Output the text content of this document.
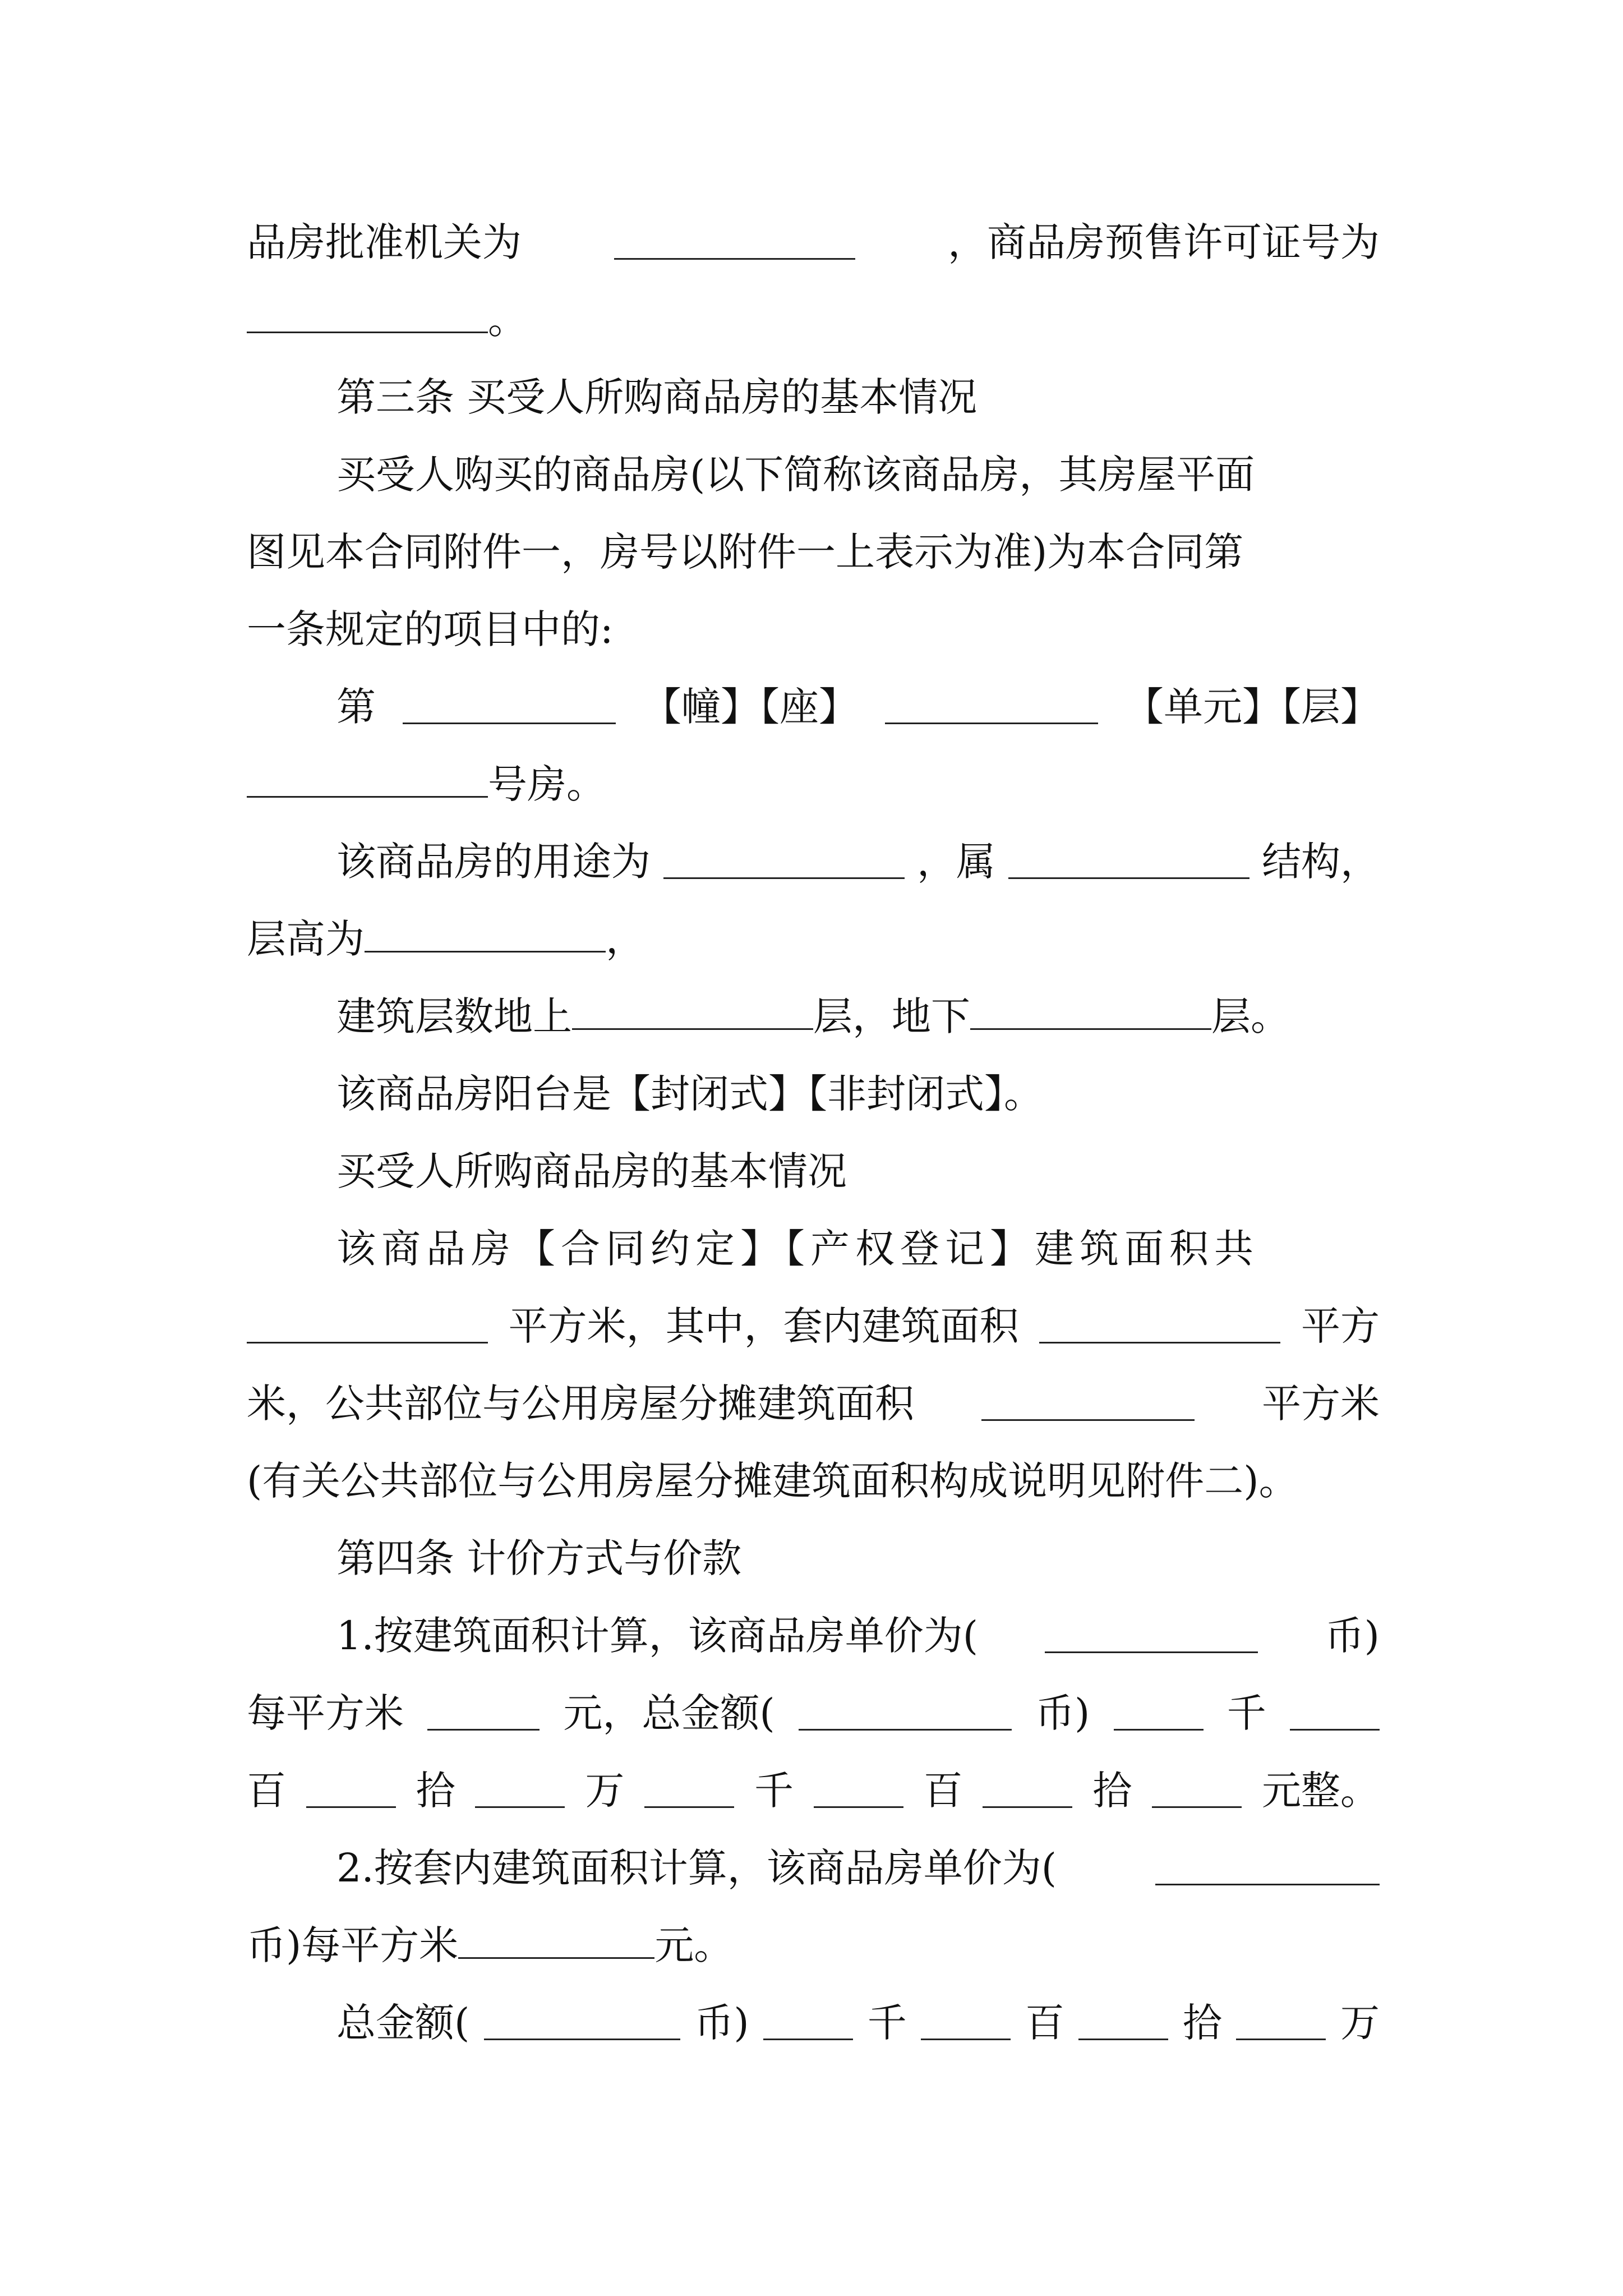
品房批准机关为	，商品房预售许可证号为
。
第三条 买受人所购商品房的基本情况
买受人购买的商品房(以下简称该商品房，其房屋平面
图见本合同附件一，房号以附件一上表示为准)为本合同第
一条规定的项目中的:
第	【幢】【座】	【单元】【层】
号房。
该商品房的用途为	，属	结构，
层高为	，
建筑层数地上	层，地下	层。
该商品房阳台是【封闭式】【非封闭式】。
买受人所购商品房的基本情况
该商品房【合同约定】【产权登记】建筑面积共
平方米，其中，套内建筑面积	平方
米，公共部位与公用房屋分摊建筑面积	平方米
(有关公共部位与公用房屋分摊建筑面积构成说明见附件二)。
第四条 计价方式与价款
1.按建筑面积计算，该商品房单价为(	币)
每平方米	元，总金额(	币)	千
百	拾	万	千	百	拾	元整。
2.按套内建筑面积计算，该商品房单价为(
币)每平方米	元。
总金额(	币)	千	百	拾	万
